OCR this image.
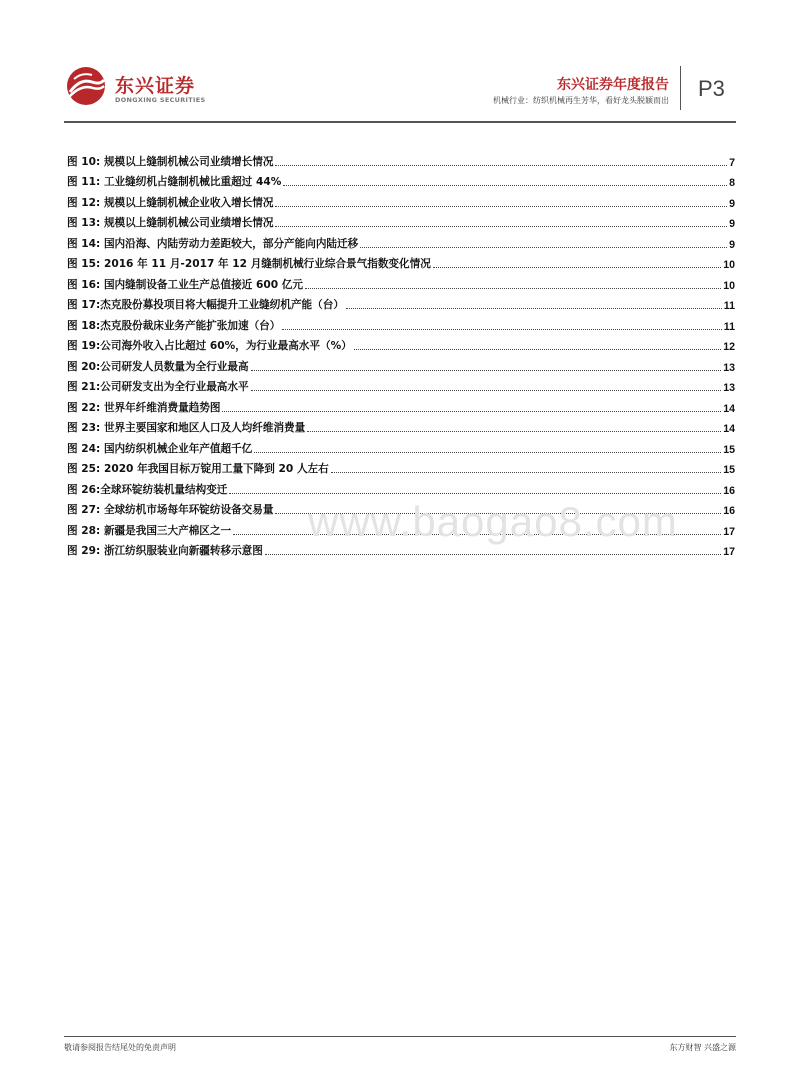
东兴证券
DONGXING SECURITIES
东兴证券年度报告
机械行业：纺织机械再生芳华，看好龙头脱颖而出 P3
图 10: 规模以上缝制机械公司业绩增长情况	7
图 11: 工业缝纫机占缝制机械比重超过 44%	8
图 12: 规模以上缝制机械企业收入增长情况	9
图 13: 规模以上缝制机械公司业绩增长情况	9
图 14: 国内沿海、内陆劳动力差距较大，部分产能向内陆迁移	9
图 15: 2016 年 11 月-2017 年 12 月缝制机械行业综合景气指数变化情况	10
图 16: 国内缝制设备工业生产总值接近 600 亿元	10
图 17:杰克股份募投项目将大幅提升工业缝纫机产能（台）	11
图 18:杰克股份裁床业务产能扩张加速（台）	11
图 19:公司海外收入占比超过 60%，为行业最高水平（%）	12
图 20:公司研发人员数量为全行业最高	13
图 21:公司研发支出为全行业最高水平	13
图 22: 世界年纤维消费量趋势图	14
图 23: 世界主要国家和地区人口及人均纤维消费量	14
图 24: 国内纺织机械企业年产值超千亿	15
图 25: 2020 年我国目标万锭用工量下降到 20 人左右	15
图 26:全球环锭纺装机量结构变迁	16
图 27: 全球纺机市场每年环锭纺设备交易量	16
图 28: 新疆是我国三大产棉区之一	17
图 29: 浙江纺织服装业向新疆转移示意图	17
www.baogao8.com
敬请参阅报告结尾处的免责声明	东方财智 兴盛之源
